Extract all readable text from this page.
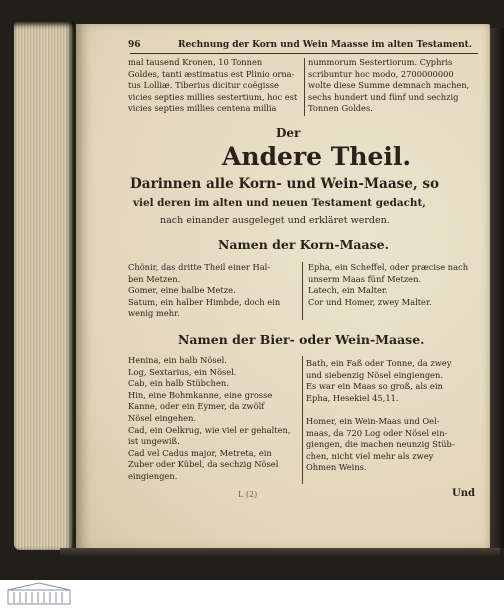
96	Rechnung der Korn und Wein Maasse im alten Testament.
mal tausend Kronen, 10 Tonnen
Goldes, tanti æstimatus est Plinio orna-
tus Lolliæ. Tiberius dicitur coëgisse
vicies septies millies sestertium, hoc est
vicies septies millies centena millia
nummorum Sestertiorum. Cyphris
scribuntur hoc modo, 2700000000
wolte diese Summe demnach machen,
sechs hundert und fünf und sechzig
Tonnen Goldes.
Der
Andere Theil.
Darinnen alle Korn- und Wein-Maase, so
viel deren im alten und neuen Testament gedacht,
nach einander ausgeleget und erkläret werden.
Namen der Korn-Maase.
Chönir, das dritte Theil einer Hal-
ben Metzen.
Gomer, eine halbe Metze.
Satum, ein halber Himbde, doch ein
wenig mehr.
Epha, ein Scheffel, oder præcise nach
unserm Maas fünf Metzen.
Latech, ein Malter.
Cor und Homer, zwey Malter.
Namen der Bier- oder Wein-Maase.
Henina, ein halb Nösel.
Log, Sextarius, ein Nösel.
Cab, ein halb Stübchen.
Hin, eine Bohmkanne, eine grosse
Kanne, oder ein Eymer, da zwölf
Nösel eingehen.
Cad, ein Oelkrug, wie viel er gehalten,
ist ungewiß.
Cad vel Cadus major, Metreta, ein
Zuber oder Kübel, da sechzig Nösel
eingiengen.
Bath, ein Faß oder Tonne, da zwey
und siebenzig Nösel eingiengen.
Es war ein Maas so groß, als ein
Epha, Hesekiel 45,11.

Homer, ein Wein-Maas und Oel-
maas, da 720 Log oder Nösel ein-
giengen, die machen neunzig Stüb-
chen, nicht viel mehr als zwey
Ohmen Weins.
L (2)	Und
